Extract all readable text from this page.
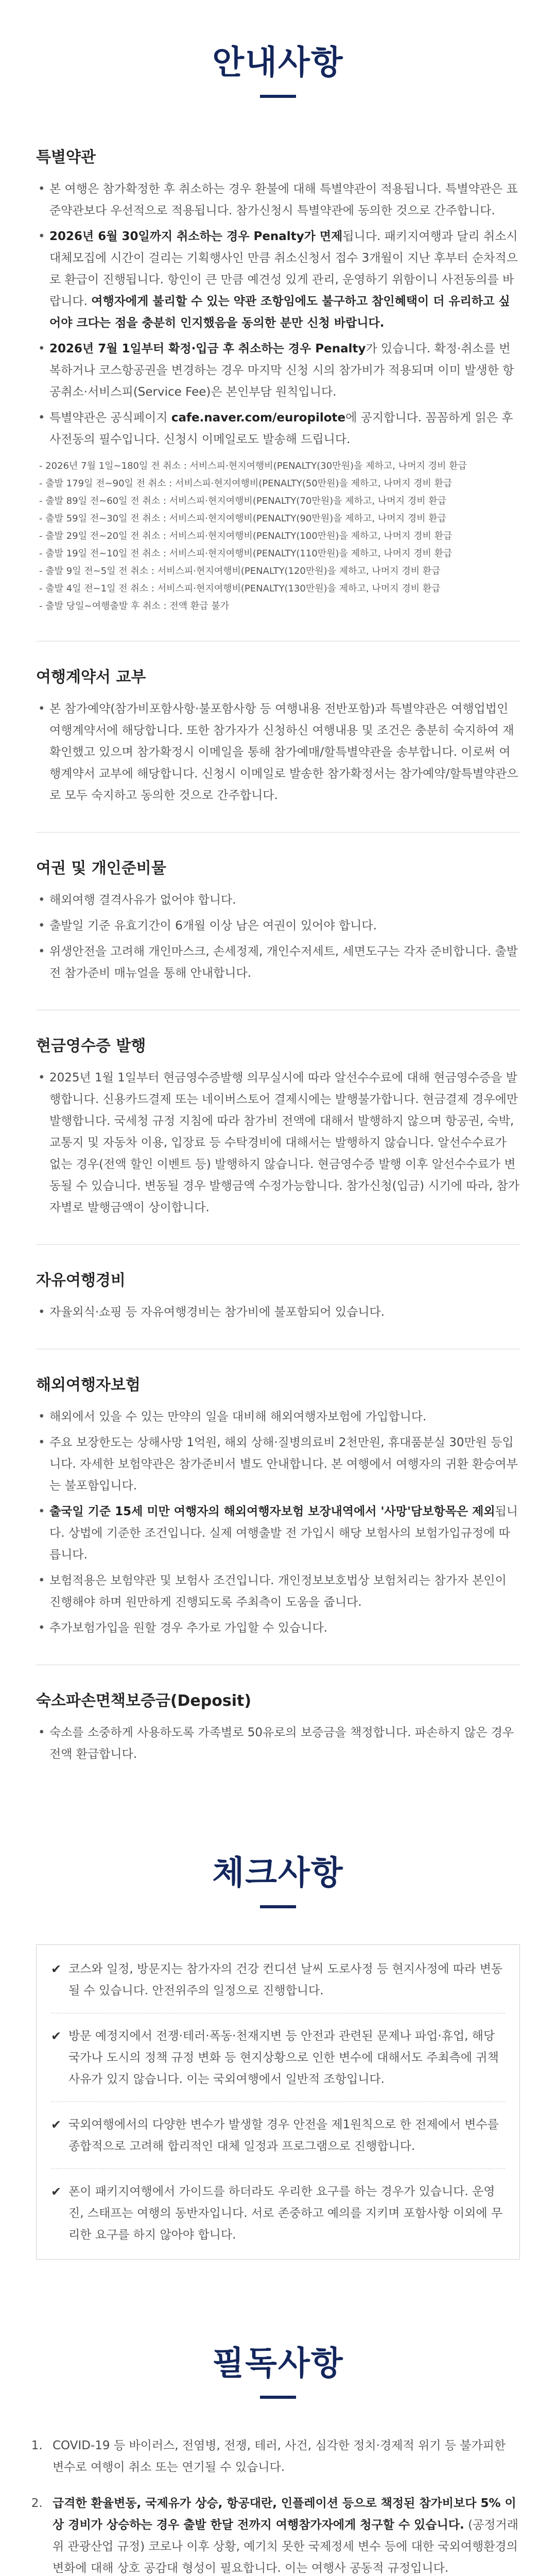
안내사항
특별약관
• 본 여행은 참가확정한 후 취소하는 경우 환불에 대해 특별약관이 적용됩니다. 특별약관은 표준약관보다 우선적으로 적용됩니다. 참가신청시 특별약관에 동의한 것으로 간주합니다.
• 2026년 6월 30일까지 취소하는 경우 Penalty가 면제됩니다. 패키지여행과 달리 취소시 대체모집에 시간이 걸리는 기획행사인 만큼 취소신청서 접수 3개월이 지난 후부터 순차적으로 환급이 진행됩니다. 항인이 큰 만큼 예견성 있게 관리, 운영하기 위함이니 사전동의를 바랍니다. 여행자에게 불리할 수 있는 약관 조항임에도 불구하고 참인혜택이 더 유리하고 싶어야 크다는 점을 충분히 인지했음을 동의한 분만 신청 바랍니다.
• 2026년 7월 1일부터 확정·입금 후 취소하는 경우 Penalty가 있습니다. 확정·취소를 번복하거나 코스항공권을 변경하는 경우 마지막 신청 시의 참가비가 적용되며 이미 발생한 항공취소·서비스피(Service Fee)은 본인부담 원칙입니다.
• 특별약관은 공식페이지 cafe.naver.com/europilote에 공지합니다. 꼼꼼하게 읽은 후 사전동의 필수입니다. 신청시 이메일로도 발송해 드립니다.
- 2026년 7월 1일~180일 전 취소 : 서비스피·현지여행비(PENALTY(30만원)을 제하고, 나머지 경비 환급
- 출발 179일 전~90일 전 취소 : 서비스피·현지여행비(PENALTY(50만원)을 제하고, 나머지 경비 환급
- 출발 89일 전~60일 전 취소 : 서비스피·현지여행비(PENALTY(70만원)을 제하고, 나머지 경비 환급
- 출발 59일 전~30일 전 취소 : 서비스피·현지여행비(PENALTY(90만원)을 제하고, 나머지 경비 환급
- 출발 29일 전~20일 전 취소 : 서비스피·현지여행비(PENALTY(100만원)을 제하고, 나머지 경비 환급
- 출발 19일 전~10일 전 취소 : 서비스피·현지여행비(PENALTY(110만원)을 제하고, 나머지 경비 환급
- 출발 9일 전~5일 전 취소 : 서비스피·현지여행비(PENALTY(120만원)을 제하고, 나머지 경비 환급
- 출발 4일 전~1일 전 취소 : 서비스피·현지여행비(PENALTY(130만원)을 제하고, 나머지 경비 환급
- 출발 당일~여행출발 후 취소 : 전액 환급 불가
여행계약서 교부
• 본 참가예약(참가비포함사항·불포함사항 등 여행내용 전반포함)과 특별약관은 여행업법인 여행계약서에 해당합니다. 또한 참가자가 신청하신 여행내용 및 조건은 충분히 숙지하여 재확인했고 있으며 참가확정시 이메일을 통해 참가예매/할특별약관을 송부합니다. 이로써 여행계약서 교부에 해당합니다. 신청시 이메일로 발송한 참가확정서는 참가예약/할특별약관으로 모두 숙지하고 동의한 것으로 간주합니다.
여권 및 개인준비물
• 해외여행 결격사유가 없어야 합니다.
• 출발일 기준 유효기간이 6개월 이상 남은 여권이 있어야 합니다.
• 위생안전을 고려해 개인마스크, 손세정제, 개인수저세트, 세면도구는 각자 준비합니다. 출발 전 참가준비 매뉴얼을 통해 안내합니다.
현금영수증 발행
• 2025년 1월 1일부터 현금영수증발행 의무실시에 따라 알선수수료에 대해 현금영수증을 발행합니다. 신용카드결제 또는 네이버스토어 결제시에는 발행불가합니다. 현금결제 경우에만 발행합니다. 국세청 규정 지침에 따라 참가비 전액에 대해서 발행하지 않으며 항공권, 숙박, 교통지 및 자동차 이용, 입장료 등 수탁경비에 대해서는 발행하지 않습니다. 알선수수료가 없는 경우(전액 할인 이벤트 등) 발행하지 않습니다. 현금영수증 발행 이후 알선수수료가 변동될 수 있습니다. 변동될 경우 발행금액 수정가능합니다. 참가신청(입금) 시기에 따라, 참가자별로 발행금액이 상이합니다.
자유여행경비
• 자율외식·쇼핑 등 자유여행경비는 참가비에 불포함되어 있습니다.
해외여행자보험
• 해외에서 있을 수 있는 만약의 일을 대비해 해외여행자보험에 가입합니다.
• 주요 보장한도는 상해사망 1억원, 해외 상해·질병의료비 2천만원, 휴대품분실 30만원 등입니다. 자세한 보험약관은 참가준비서 별도 안내합니다. 본 여행에서 여행자의 귀환 환승여부는 불포함입니다.
• 출국일 기준 15세 미만 여행자의 해외여행자보험 보장내역에서 '사망'담보항목은 제외됩니다. 상법에 기준한 조건입니다. 실제 여행출발 전 가입시 해당 보험사의 보험가입규정에 따릅니다.
• 보험적용은 보험약관 및 보험사 조건입니다. 개인정보보호법상 보험처리는 참가자 본인이 진행해야 하며 원만하게 진행되도록 주최측이 도움을 줍니다.
• 추가보험가입을 원할 경우 추가로 가입할 수 있습니다.
숙소파손면책보증금(Deposit)
• 숙소를 소중하게 사용하도록 가족별로 50유로의 보증금을 책정합니다. 파손하지 않은 경우 전액 환급합니다.
체크사항
✔ 코스와 일정, 방문지는 참가자의 건강 컨디션 날씨 도로사정 등 현지사정에 따라 변동될 수 있습니다. 안전위주의 일정으로 진행합니다.
✔ 방문 예정지에서 전쟁·테러·폭동·천재지변 등 안전과 관련된 문제나 파업·휴업, 해당국가나 도시의 정책 규정 변화 등 현지상황으로 인한 변수에 대해서도 주최측에 귀책사유가 있지 않습니다. 이는 국외여행에서 일반적 조항입니다.
✔ 국외여행에서의 다양한 변수가 발생할 경우 안전을 제1원칙으로 한 전제에서 변수를 종합적으로 고려해 합리적인 대체 일정과 프로그램으로 진행합니다.
✔ 폰이 패키지여행에서 가이드를 하더라도 우리한 요구를 하는 경우가 있습니다. 운영진, 스태프는 여행의 동반자입니다. 서로 존중하고 예의를 지키며 포함사항 이외에 무리한 요구를 하지 않아야 합니다.
필독사항
1. COVID-19 등 바이러스, 전염병, 전쟁, 테러, 사건, 심각한 정치·경제적 위기 등 불가피한 변수로 여행이 취소 또는 연기될 수 있습니다.
2. 급격한 환율변동, 국제유가 상승, 항공대란, 인플레이션 등으로 책정된 참가비보다 5% 이상 경비가 상승하는 경우 출발 한달 전까지 여행참가자에게 청구할 수 있습니다. (공정거래위 관광산업 규정) 코로나 이후 상황, 예기치 못한 국제정세 변수 등에 대한 국외여행환경의 변화에 대해 상호 공감대 형성이 필요합니다. 이는 여행사 공동적 규정입니다.
